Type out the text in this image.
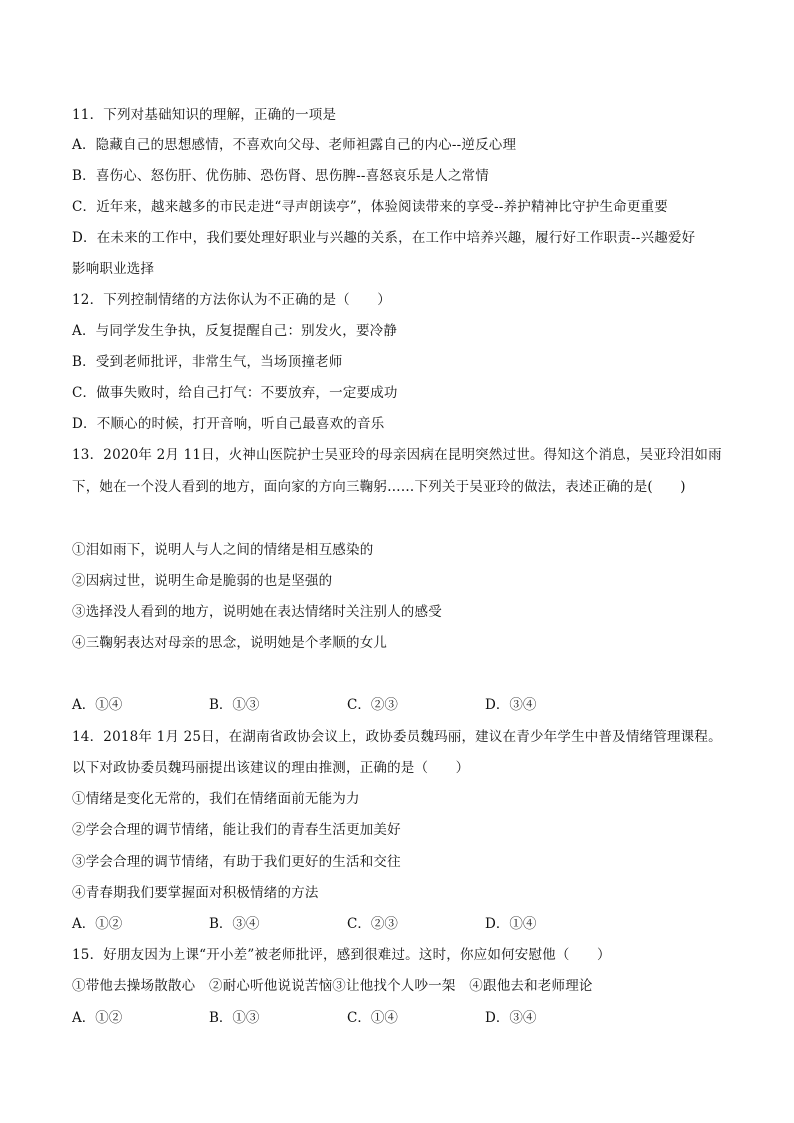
11．下列对基础知识的理解，正确的一项是
A．隐藏自己的思想感情，不喜欢向父母、老师袒露自己的内心--逆反心理
B．喜伤心、怒伤肝、优伤肺、恐伤肾、思伤脾--喜怒哀乐是人之常情
C．近年来，越来越多的市民走进“寻声朗读亭”，体验阅读带来的享受--养护精神比守护生命更重要
D．在未来的工作中，我们要处理好职业与兴趣的关系，在工作中培养兴趣，履行好工作职责--兴趣爱好
影响职业选择
12．下列控制情绪的方法你认为不正确的是（　　）
A．与同学发生争执，反复提醒自己：别发火，要冷静
B．受到老师批评，非常生气，当场顶撞老师
C．做事失败时，给自己打气：不要放弃，一定要成功
D．不顺心的时候，打开音响，听自己最喜欢的音乐
13．2020年 2月 11日，火神山医院护士吴亚玲的母亲因病在昆明突然过世。得知这个消息，吴亚玲泪如雨
下，她在一个没人看到的地方，面向家的方向三鞠躬……下列关于吴亚玲的做法，表述正确的是(　　)
①泪如雨下，说明人与人之间的情绪是相互感染的
②因病过世，说明生命是脆弱的也是坚强的
③选择没人看到的地方，说明她在表达情绪时关注别人的感受
④三鞠躬表达对母亲的思念，说明她是个孝顺的女儿
A．①④	B．①③	C．②③	D．③④
14．2018年 1月 25日，在湖南省政协会议上，政协委员魏玛丽，建议在青少年学生中普及情绪管理课程。
以下对政协委员魏玛丽提出该建议的理由推测，正确的是（　　）
①情绪是变化无常的，我们在情绪面前无能为力
②学会合理的调节情绪，能让我们的青春生活更加美好
③学会合理的调节情绪，有助于我们更好的生活和交往
④青春期我们要掌握面对积极情绪的方法
A．①②	B．③④	C．②③	D．①④
15．好朋友因为上课“开小差”被老师批评，感到很难过。这时，你应如何安慰他（　　）
①带他去操场散散心　②耐心听他说说苦恼③让他找个人吵一架　④跟他去和老师理论
A．①②	B．①③	C．①④	D．③④
